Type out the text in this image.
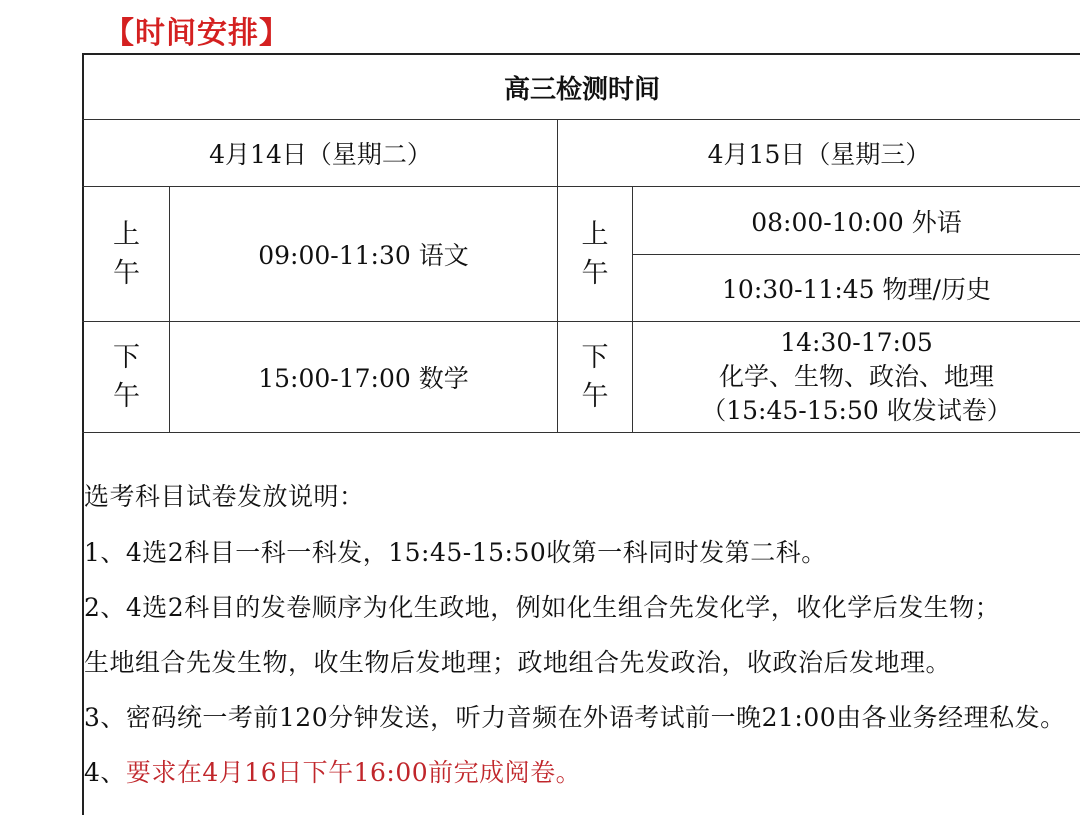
【时间安排】
高三检测时间
4月14日（星期二）	4月15日（星期三）
上
午
下
午
上
午
下
午
09:00-11:30 语文
15:00-17:00 数学
08:00-10:00 外语
10:30-11:45 物理/历史
14:30-17:05
化学、生物、政治、地理
（15:45-15:50 收发试卷）
选考科目试卷发放说明：
1、4选2科目一科一科发，15:45-15:50收第一科同时发第二科。
2、4选2科目的发卷顺序为化生政地，例如化生组合先发化学，收化学后发生物；
生地组合先发生物，收生物后发地理；政地组合先发政治，收政治后发地理。
3、密码统一考前120分钟发送，听力音频在外语考试前一晚21:00由各业务经理私发。
4、要求在4月16日下午16:00前完成阅卷。
